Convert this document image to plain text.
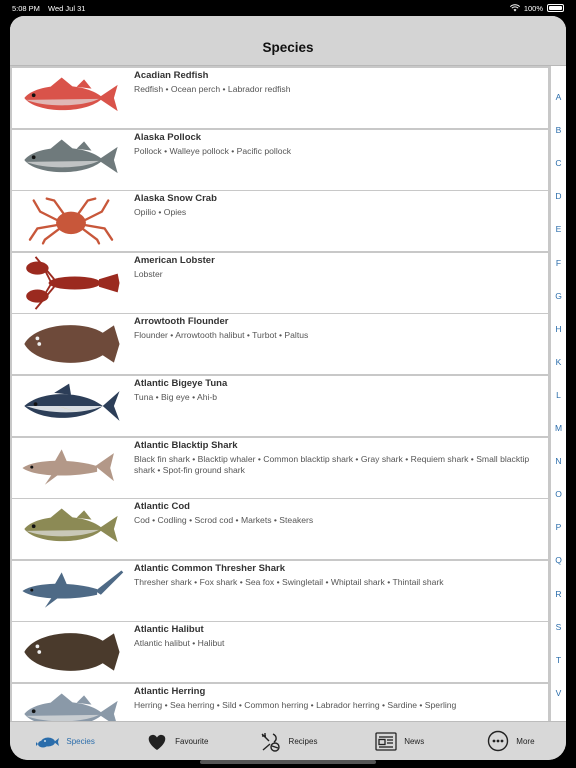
5:08 PM Wed Jul 31	100%
Species
Acadian Redfish
Redfish • Ocean perch • Labrador redfish
Alaska Pollock
Pollock • Walleye pollock • Pacific pollock
Alaska Snow Crab
Opilio • Opies
American Lobster
Lobster
Arrowtooth Flounder
Flounder • Arrowtooth halibut • Turbot • Paltus
Atlantic Bigeye Tuna
Tuna • Big eye • Ahi-b
Atlantic Blacktip Shark
Black fin shark • Blacktip whaler • Common blacktip shark • Gray shark • Requiem shark • Small blacktip shark • Spot-fin ground shark
Atlantic Cod
Cod • Codling • Scrod cod • Markets • Steakers
Atlantic Common Thresher Shark
Thresher shark • Fox shark • Sea fox • Swingletail • Whiptail shark • Thintail shark
Atlantic Halibut
Atlantic halibut • Halibut
Atlantic Herring
Herring • Sea herring • Sild • Common herring • Labrador herring • Sardine • Sperling
A
B
C
D
E
F
G
H
K
L
M
N
O
P
Q
R
S
T
V
Species	Favourite	Recipes	News	More
